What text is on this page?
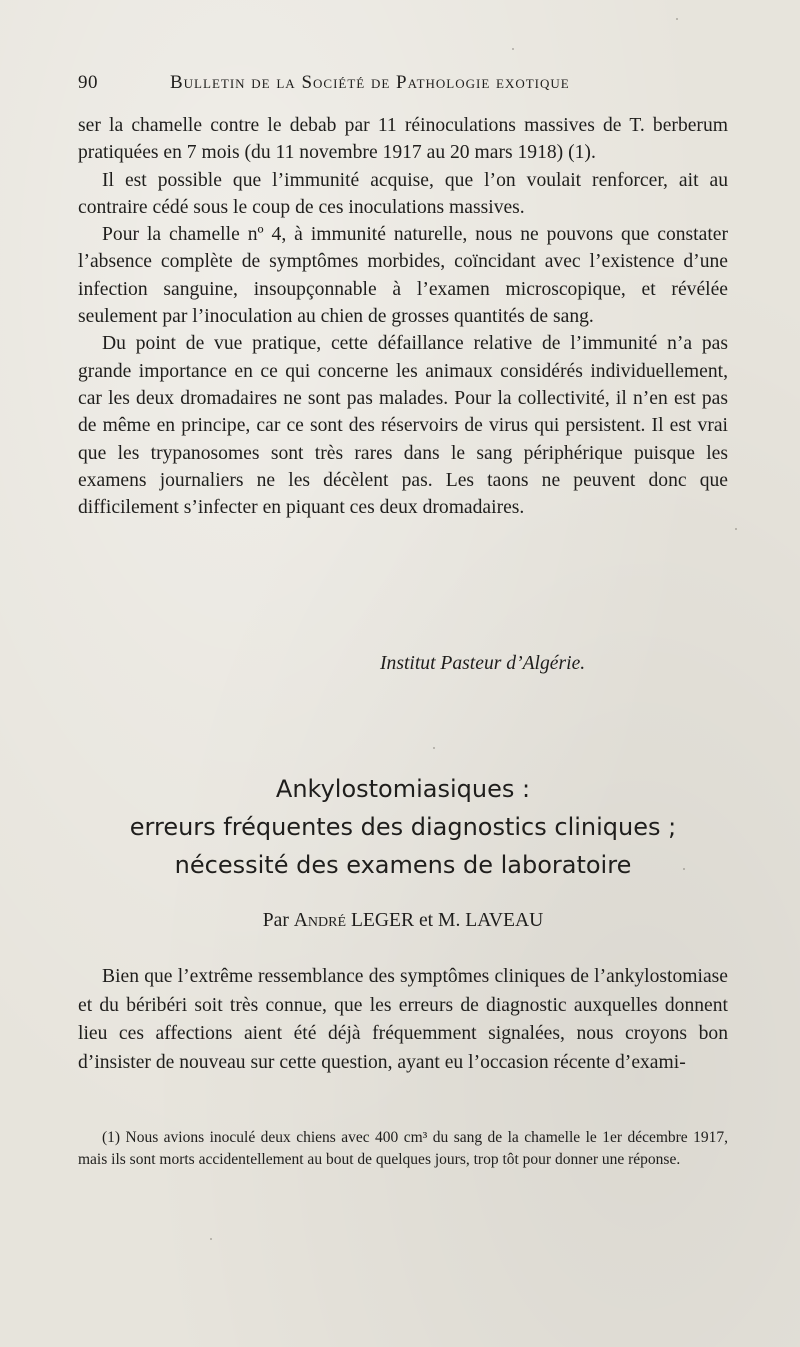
90	Bulletin de la Société de Pathologie exotique

ser la chamelle contre le debab par 11 réinoculations massives de T. berberum pratiquées en 7 mois (du 11 novembre 1917 au 20 mars 1918) (1).

Il est possible que l’immunité acquise, que l’on voulait renforcer, ait au contraire cédé sous le coup de ces inoculations massives.

Pour la chamelle nº 4, à immunité naturelle, nous ne pouvons que constater l’absence complète de symptômes morbides, coïncidant avec l’existence d’une infection sanguine, insoupçonnable à l’examen microscopique, et révélée seulement par l’inoculation au chien de grosses quantités de sang.

Du point de vue pratique, cette défaillance relative de l’immunité n’a pas grande importance en ce qui concerne les animaux considérés individuellement, car les deux dromadaires ne sont pas malades. Pour la collectivité, il n’en est pas de même en principe, car ce sont des réservoirs de virus qui persistent. Il est vrai que les trypanosomes sont très rares dans le sang périphérique puisque les examens journaliers ne les décèlent pas. Les taons ne peuvent donc que difficilement s’infecter en piquant ces deux dromadaires.

Institut Pasteur d’Algérie.
Ankylostomiasiques :
erreurs fréquentes des diagnostics cliniques ;
nécessité des examens de laboratoire
Par André LEGER et M. LAVEAU

Bien que l’extrême ressemblance des symptômes cliniques de l’ankylostomiase et du béribéri soit très connue, que les erreurs de diagnostic auxquelles donnent lieu ces affections aient été déjà fréquemment signalées, nous croyons bon d’insister de nouveau sur cette question, ayant eu l’occasion récente d’exami-

(1) Nous avions inoculé deux chiens avec 400 cm³ du sang de la chamelle le 1er décembre 1917, mais ils sont morts accidentellement au bout de quelques jours, trop tôt pour donner une réponse.
